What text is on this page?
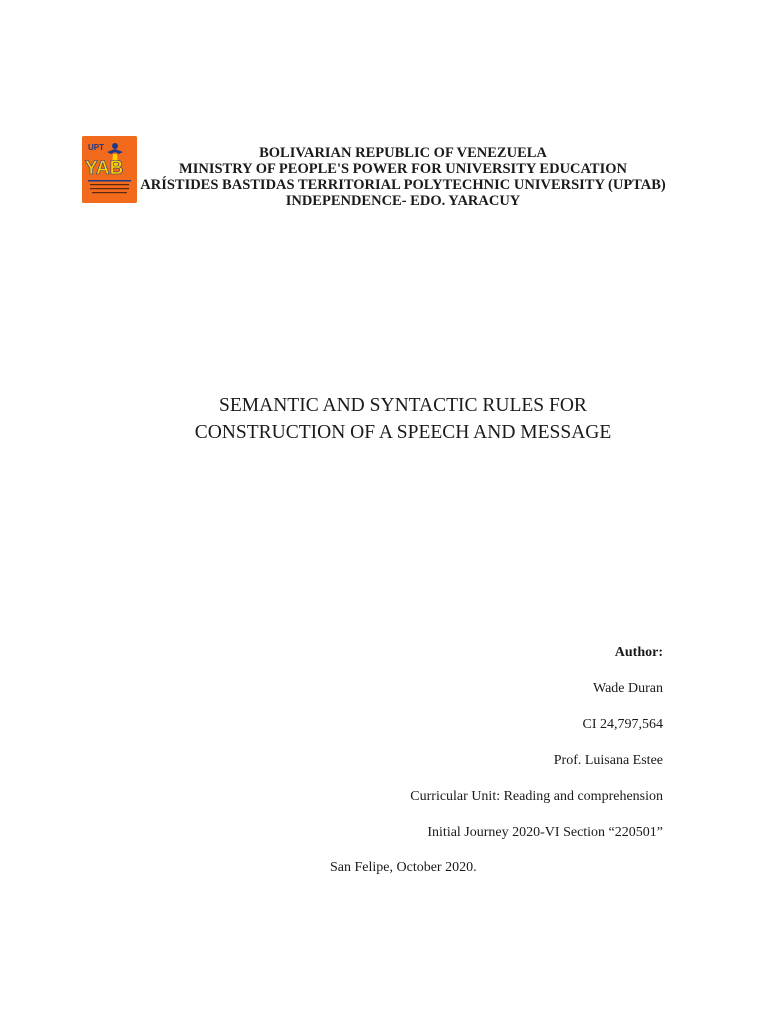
UPT
YAB
BOLIVARIAN REPUBLIC OF VENEZUELA
MINISTRY OF PEOPLE'S POWER FOR UNIVERSITY EDUCATION
ARÍSTIDES BASTIDAS TERRITORIAL POLYTECHNIC UNIVERSITY (UPTAB)
INDEPENDENCE- EDO. YARACUY
SEMANTIC AND SYNTACTIC RULES FOR
CONSTRUCTION OF A SPEECH AND MESSAGE
Author:
Wade Duran
CI 24,797,564
Prof. Luisana Estee
Curricular Unit: Reading and comprehension
Initial Journey 2020-VI Section “220501”
San Felipe, October 2020.
